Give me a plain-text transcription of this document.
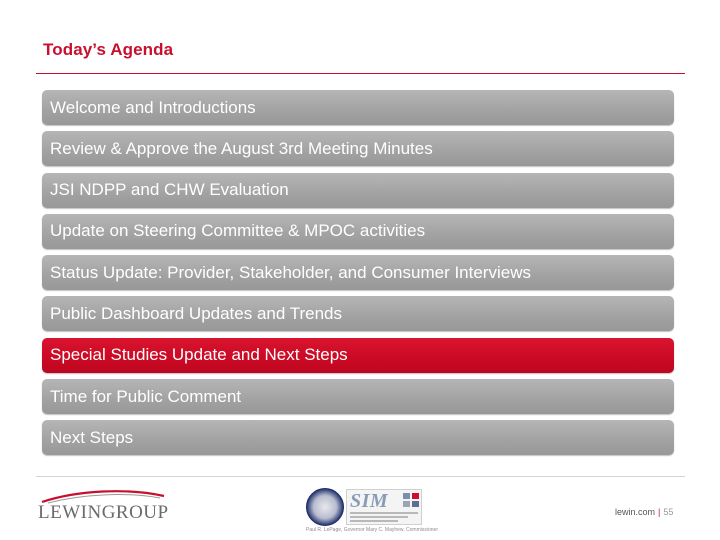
Today’s Agenda
Welcome and Introductions
Review & Approve the August 3rd Meeting Minutes
JSI NDPP and CHW Evaluation
Update on Steering Committee & MPOC activities
Status Update: Provider, Stakeholder, and Consumer Interviews
Public Dashboard Updates and Trends
Special Studies Update and Next Steps
Time for Public Comment
Next Steps
LEWINGROUP
SIM
Paul R. LePage, Governor Mary C. Mayhew, Commissioner
lewin.com | 55
